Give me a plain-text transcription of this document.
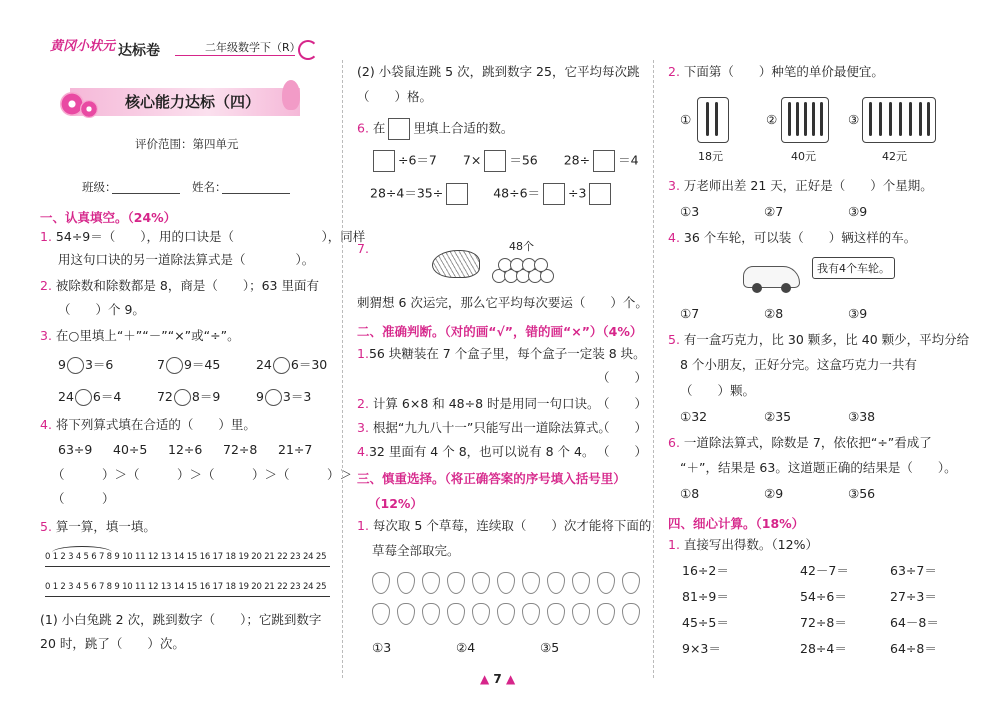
黄冈小状元 达标卷	二年级数学下（R）
核心能力达标（四）
评价范围：第四单元
班级：	姓名：
一、认真填空。（24%）
1. 54÷9＝（　　），用的口诀是（　　　　　　　），同样
用这句口诀的另一道除法算式是（　　　　）。
2. 被除数和除数都是 8，商是（　　）；63 里面有
（　　）个 9。
3. 在○里填上“＋”“－”“×”或“÷”。
9 3＝6	7 9＝45	24 6＝30
24 6＝4	72 8＝9	9 3＝3
4. 将下列算式填在合适的（　　）里。
63÷9 40÷5 12÷6 72÷8 21÷7
（　　　）＞（　　　）＞（　　　）＞（　　　）＞
（　　　）
5. 算一算，填一填。
0 1 2 3 4 5 6 7 8 9 10 11 12 13 14 15 16 17 18 19 20 21 22 23 24 25
0 1 2 3 4 5 6 7 8 9 10 11 12 13 14 15 16 17 18 19 20 21 22 23 24 25
(1) 小白兔跳 2 次，跳到数字（　　）；它跳到数字
20 时，跳了（　　）次。
(2) 小袋鼠连跳 5 次，跳到数字 25，它平均每次跳
（　　）格。
6. 在 里填上合适的数。
÷6＝7 7× ＝56 28÷ ＝4
28÷4＝35÷	48÷6＝ ÷3
7.	48个
刺猬想 6 次运完，那么它平均每次要运（　　）个。
二、准确判断。（对的画“√”，错的画“×”）（4%）
1.56 块糖装在 7 个盒子里，每个盒子一定装 8 块。
（　　）
2. 计算 6×8 和 48÷8 时是用同一句口诀。
（　　）
3. 根据“九九八十一”只能写出一道除法算式。
（　　）
4.32 里面有 4 个 8，也可以说有 8 个 4。 （　　）
三、慎重选择。（将正确答案的序号填入括号里）
（12%）
1. 每次取 5 个草莓，连续取（　　）次才能将下面的
草莓全部取完。
①3	②4	③5
2. 下面第（　　）种笔的单价最便宜。
①
18元
②
40元
③
42元
3. 万老师出差 21 天，正好是（　　）个星期。
①3	②7	③9
4. 36 个车轮，可以装（　　）辆这样的车。
我有4个车轮。
①7	②8	③9
5. 有一盒巧克力，比 30 颗多，比 40 颗少，平均分给
8 个小朋友，正好分完。这盒巧克力一共有
（　　）颗。
①32	②35	③38
6. 一道除法算式，除数是 7，依依把“÷”看成了
“＋”，结果是 63。这道题正确的结果是（　　）。
①8	②9	③56
四、细心计算。（18%）
1. 直接写出得数。（12%）
16÷2＝	42－7＝	63÷7＝
81÷9＝	54÷6＝	27÷3＝
45÷5＝	72÷8＝	64－8＝
9×3＝	28÷4＝	64÷8＝
▲ 7 ▲
